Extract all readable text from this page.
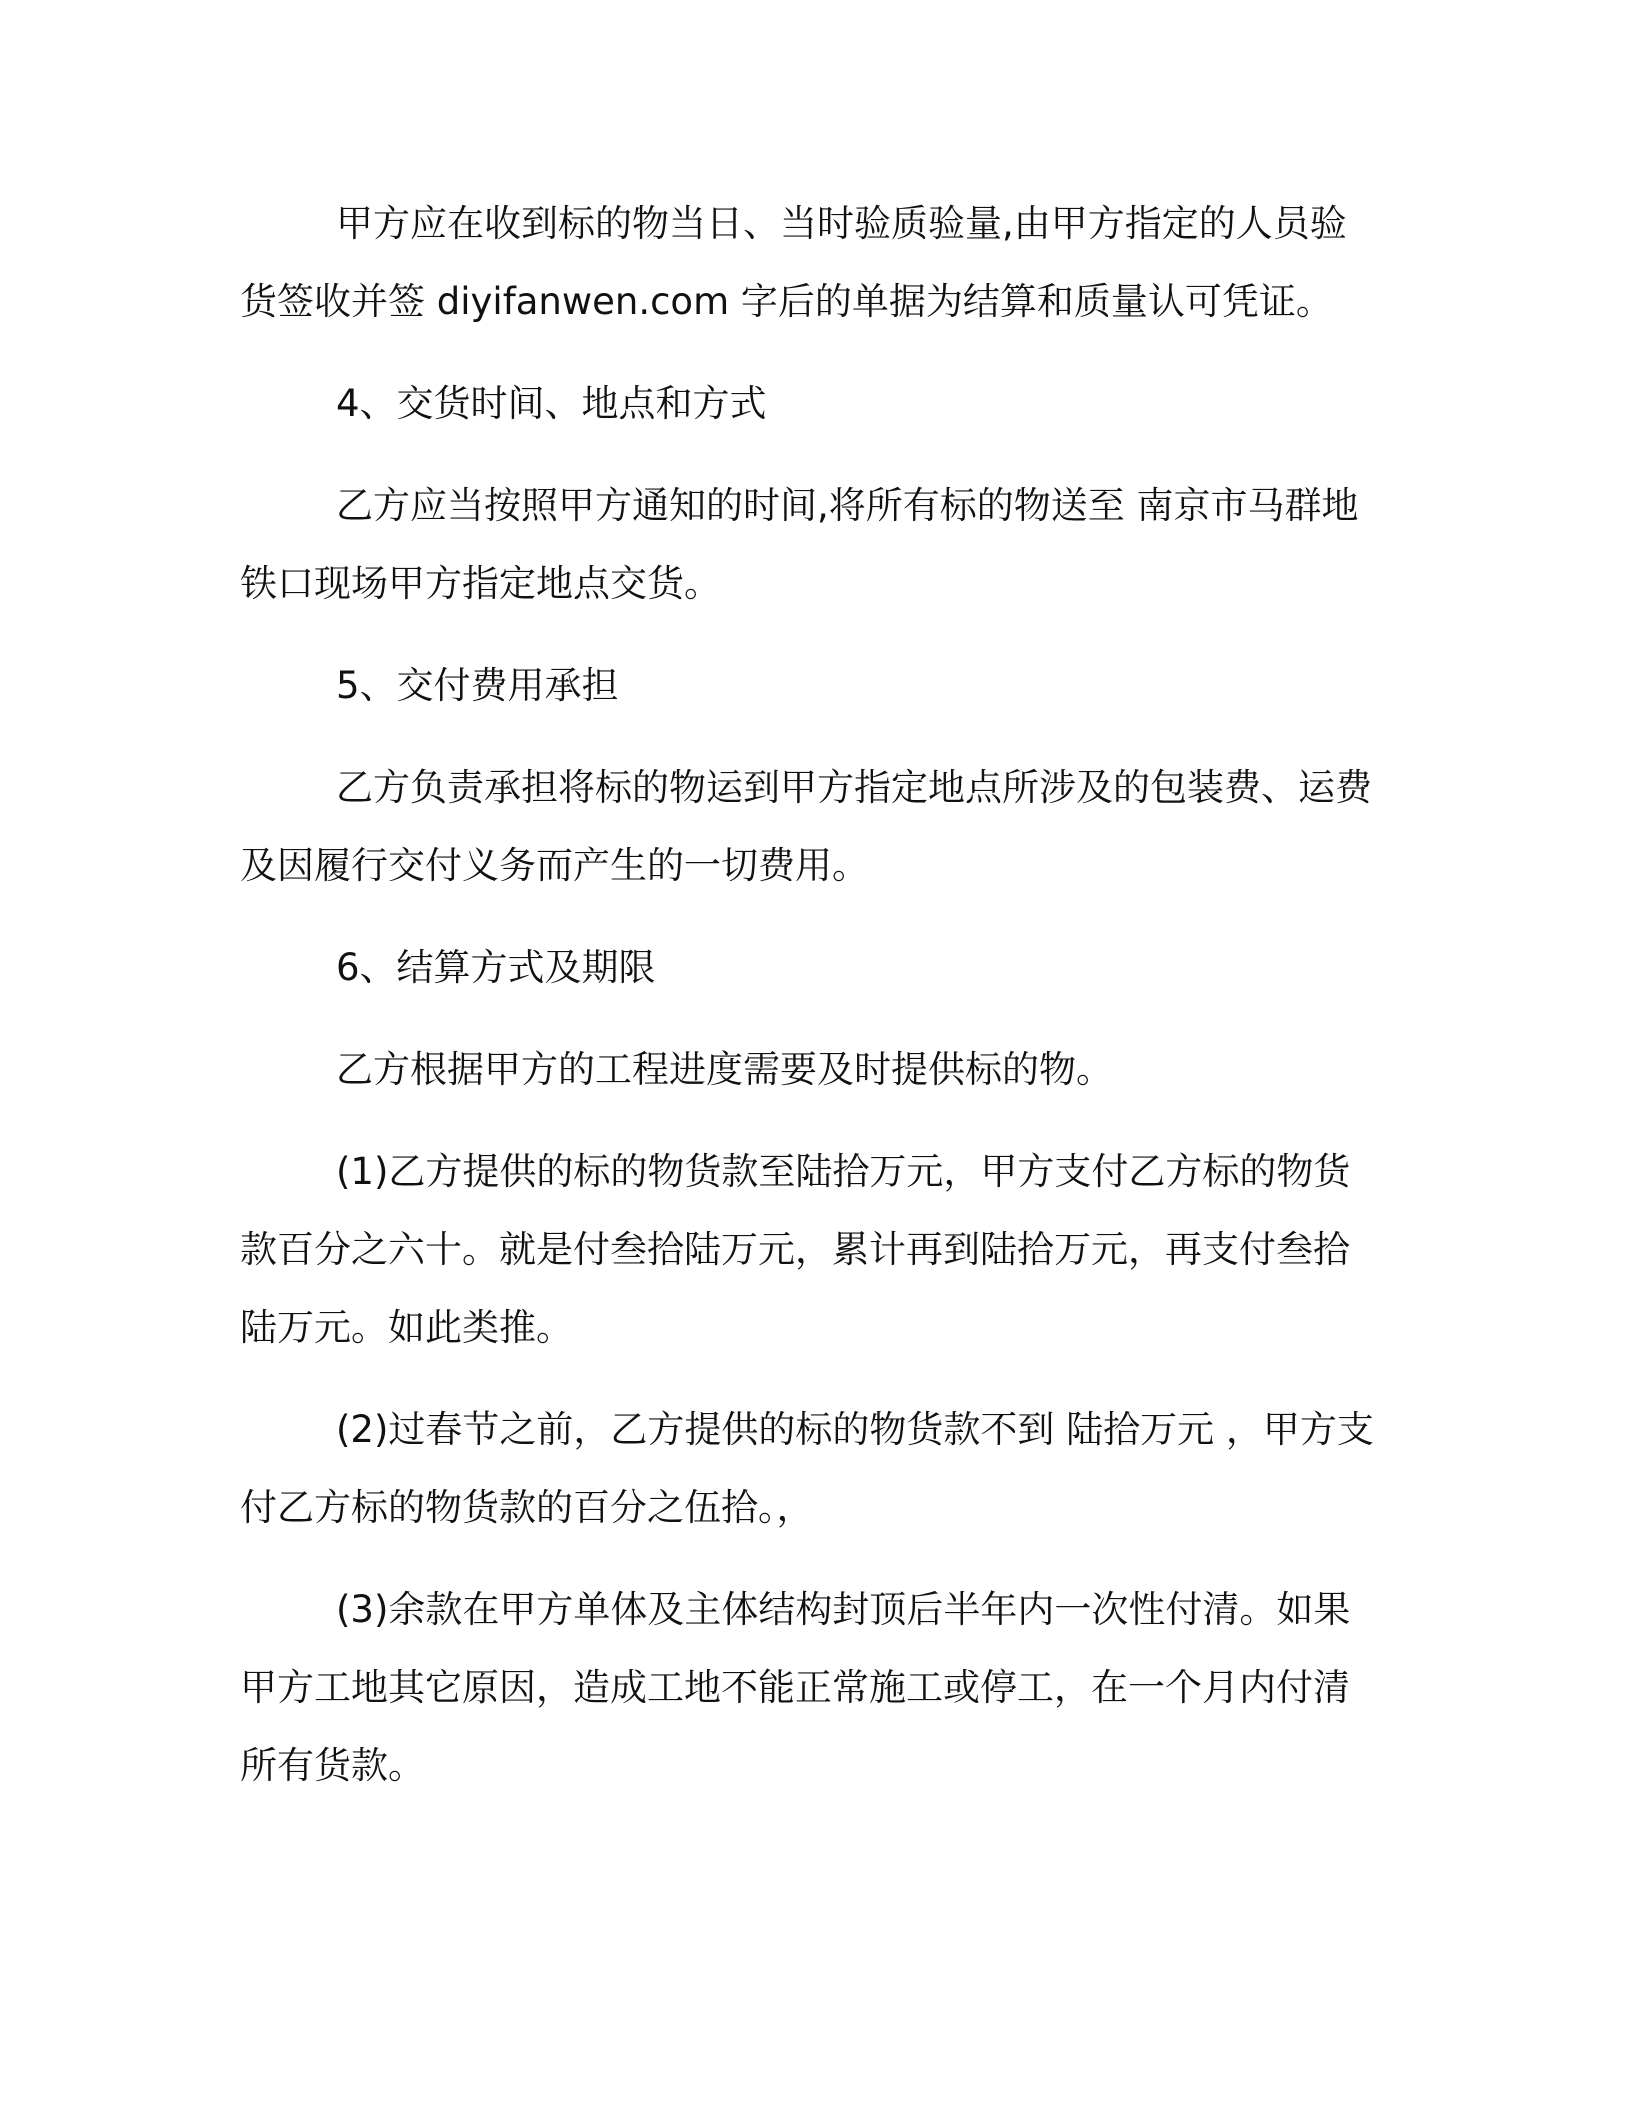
甲方应在收到标的物当日、当时验质验量,由甲方指定的人员验
货签收并签 diyifanwen.com 字后的单据为结算和质量认可凭证。
4、交货时间、地点和方式
乙方应当按照甲方通知的时间,将所有标的物送至 南京市马群地
铁口现场甲方指定地点交货。
5、交付费用承担
乙方负责承担将标的物运到甲方指定地点所涉及的包装费、运费
及因履行交付义务而产生的一切费用。
6、结算方式及期限
乙方根据甲方的工程进度需要及时提供标的物。
(1)乙方提供的标的物货款至陆拾万元，甲方支付乙方标的物货
款百分之六十。就是付叁拾陆万元，累计再到陆拾万元，再支付叁拾
陆万元。如此类推。
(2)过春节之前，乙方提供的标的物货款不到 陆拾万元 ，甲方支
付乙方标的物货款的百分之伍拾。，
(3)余款在甲方单体及主体结构封顶后半年内一次性付清。如果
甲方工地其它原因，造成工地不能正常施工或停工，在一个月内付清
所有货款。
